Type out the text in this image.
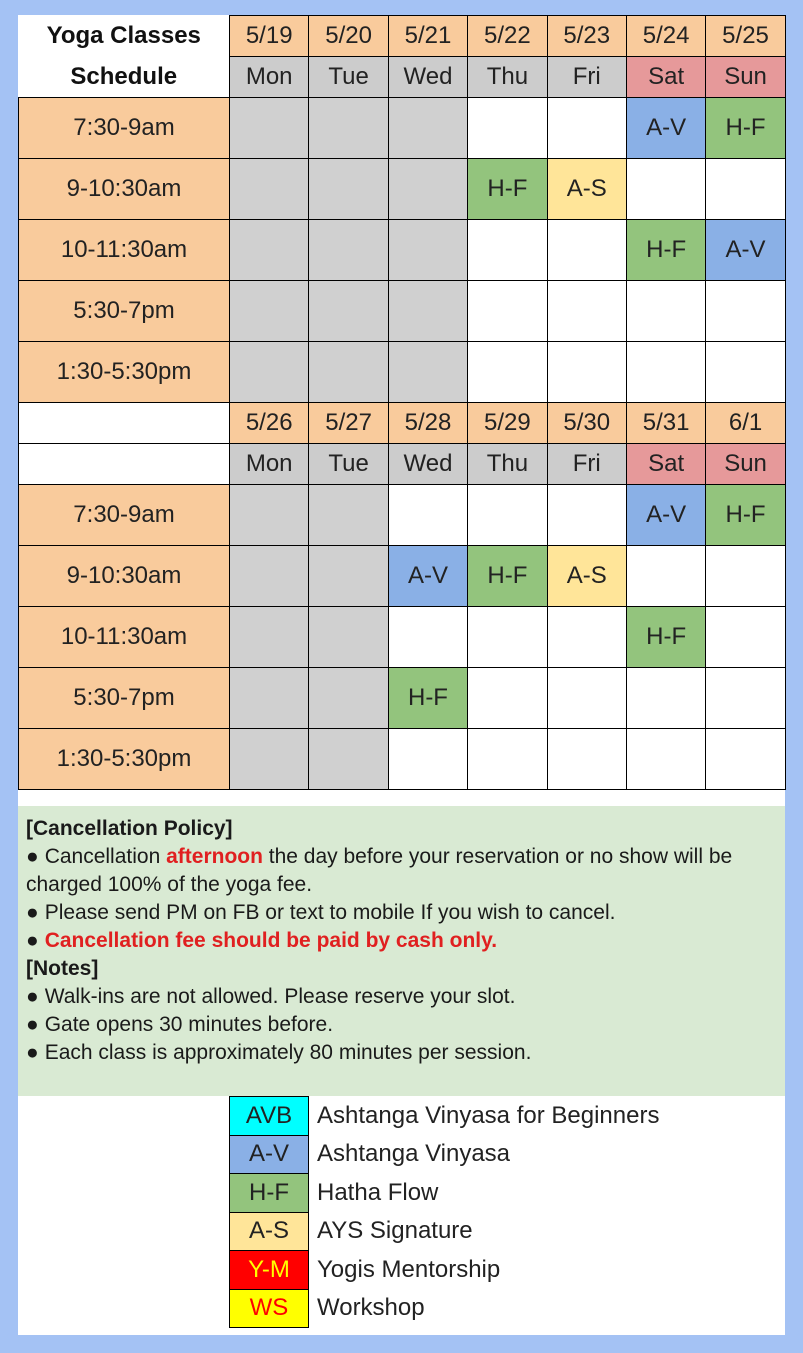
Yoga Classes	5/19	5/20	5/21	5/22	5/23	5/24	5/25
Schedule	Mon	Tue	Wed	Thu	Fri	Sat	Sun
7:30-9am						A-V	H-F
9-10:30am				H-F	A-S		
10-11:30am						H-F	A-V
5:30-7pm							
1:30-5:30pm							
	5/26	5/27	5/28	5/29	5/30	5/31	6/1
	Mon	Tue	Wed	Thu	Fri	Sat	Sun
7:30-9am						A-V	H-F
9-10:30am			A-V	H-F	A-S		
10-11:30am						H-F	
5:30-7pm			H-F				
1:30-5:30pm							
[Cancellation Policy]
● Cancellation afternoon the day before your reservation or no show will be charged 100% of the yoga fee.
● Please send PM on FB or text to mobile If you wish to cancel.
● Cancellation fee should be paid by cash only.
[Notes]
● Walk-ins are not allowed. Please reserve your slot.
● Gate opens 30 minutes before.
● Each class is approximately 80 minutes per session.
AVB	Ashtanga Vinyasa for Beginners
A-V	Ashtanga Vinyasa
H-F	Hatha Flow
A-S	AYS Signature
Y-M	Yogis Mentorship
WS	Workshop
